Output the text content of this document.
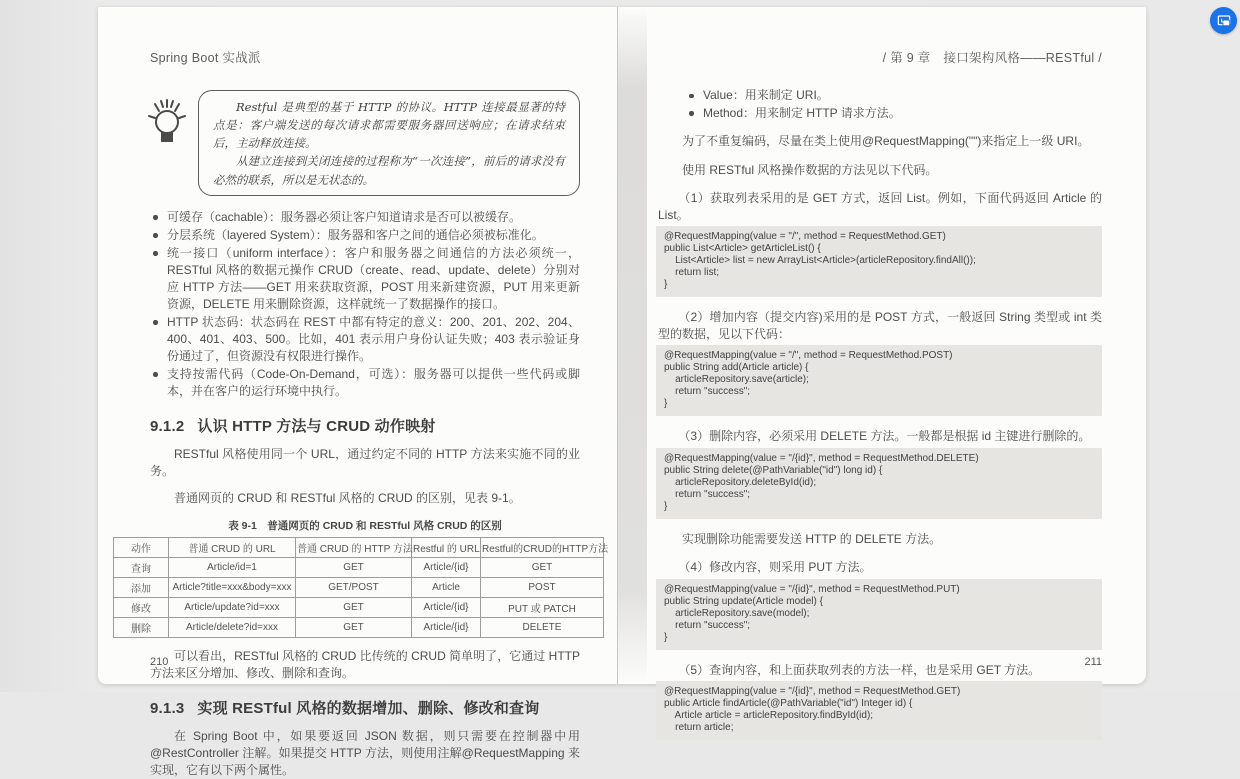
Spring Boot 实战派

Restful 是典型的基于 HTTP 的协议。HTTP 连接最显著的特点是：客户端发送的每次请求都需要服务器回送响应；在请求结束后，主动释放连接。

从建立连接到关闭连接的过程称为“一次连接”，前后的请求没有必然的联系，所以是无状态的。

可缓存（cachable）：服务器必须让客户知道请求是否可以被缓存。
分层系统（layered System）：服务器和客户之间的通信必须被标准化。
统一接口（uniform interface）：客户和服务器之间通信的方法必须统一，RESTful 风格的数据元操作 CRUD（create、read、update、delete）分别对应 HTTP 方法——GET 用来获取资源，POST 用来新建资源，PUT 用来更新资源，DELETE 用来删除资源，这样就统一了数据操作的接口。
HTTP 状态码：状态码在 REST 中都有特定的意义：200、201、202、204、400、401、403、500。比如，401 表示用户身份认证失败；403 表示验证身份通过了，但资源没有权限进行操作。
支持按需代码（Code-On-Demand，可选）：服务器可以提供一些代码或脚本，并在客户的运行环境中执行。
9.1.2 认识 HTTP 方法与 CRUD 动作映射

RESTful 风格使用同一个 URL，通过约定不同的 HTTP 方法来实施不同的业务。

普通网页的 CRUD 和 RESTful 风格的 CRUD 的区别，见表 9-1。

表 9-1　普通网页的 CRUD 和 RESTful 风格 CRUD 的区别
动作	普通 CRUD 的 URL	普通 CRUD 的 HTTP 方法	Restful 的 URL	Restful的CRUD的HTTP方法
查询	Article/id=1	GET	Article/{id}	GET
添加	Article?title=xxx&body=xxx	GET/POST	Article	POST
修改	Article/update?id=xxx	GET	Article/{id}	PUT 或 PATCH
删除	Article/delete?id=xxx	GET	Article/{id}	DELETE

可以看出，RESTful 风格的 CRUD 比传统的 CRUD 简单明了，它通过 HTTP 方法来区分增加、修改、删除和查询。

9.1.3 实现 RESTful 风格的数据增加、删除、修改和查询

在 Spring Boot 中，如果要返回 JSON 数据，则只需要在控制器中用@RestController 注解。如果提交 HTTP 方法，则使用注解@RequestMapping 来实现，它有以下两个属性。

210
/ 第 9 章　接口架构风格——RESTful /
Value：用来制定 URI。
Method：用来制定 HTTP 请求方法。

为了不重复编码，尽量在类上使用@RequestMapping("")来指定上一级 URI。

使用 RESTful 风格操作数据的方法见以下代码。

（1）获取列表采用的是 GET 方式，返回 List。例如，下面代码返回 Article 的 List。

@RequestMapping(value = "/", method = RequestMethod.GET)
public List<Article> getArticleList() {
List<Article> list = new ArrayList<Article>(articleRepository.findAll());
return list;
}

（2）增加内容（提交内容)采用的是 POST 方式，一般返回 String 类型或 int 类型的数据，见以下代码：

@RequestMapping(value = "/", method = RequestMethod.POST)
public String add(Article article) {
articleRepository.save(article);
return "success";
}

（3）删除内容，必须采用 DELETE 方法。一般都是根据 id 主键进行删除的。

@RequestMapping(value = "/{id}", method = RequestMethod.DELETE)
public String delete(@PathVariable("id") long id) {
articleRepository.deleteById(id);
return "success";
}

实现删除功能需要发送 HTTP 的 DELETE 方法。

（4）修改内容，则采用 PUT 方法。

@RequestMapping(value = "/{id}", method = RequestMethod.PUT)
public String update(Article model) {
articleRepository.save(model);
return "success";
}

（5）查询内容，和上面获取列表的方法一样，也是采用 GET 方法。

@RequestMapping(value = "/{id}", method = RequestMethod.GET)
public Article findArticle(@PathVariable("id") Integer id) {
Article article = articleRepository.findById(id);
return article;
211
